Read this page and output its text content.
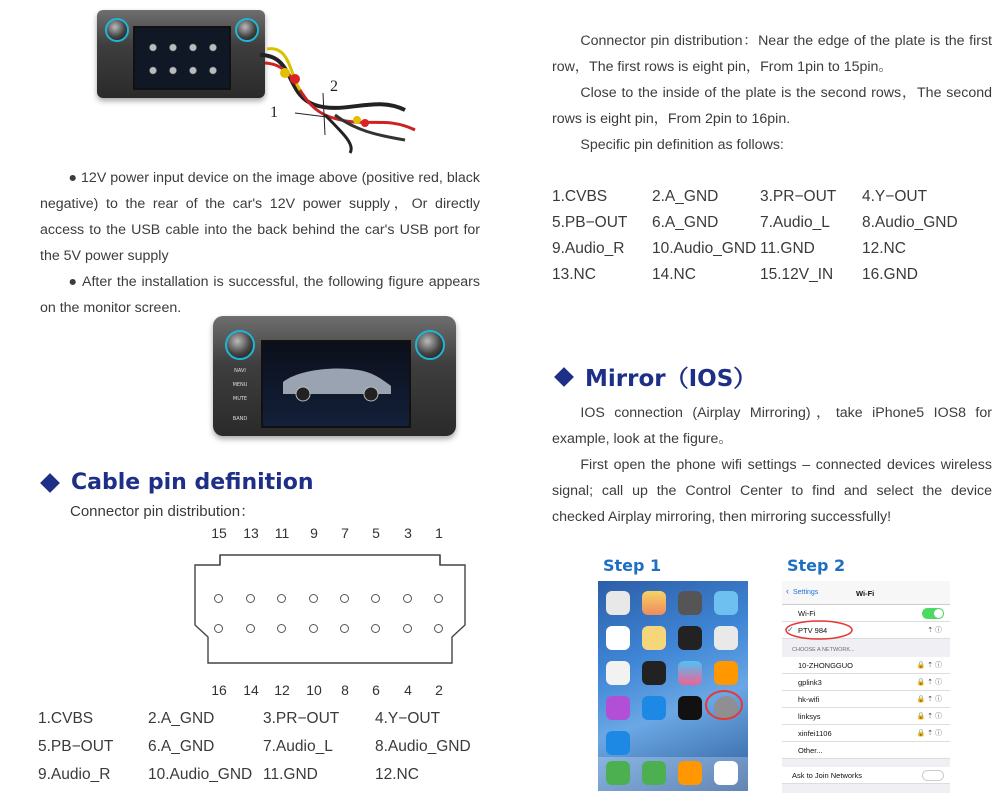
1
2

● 12V power input device on the image above (positive red, black negative) to the rear of the car's 12V power supply，Or directly access to the USB cable into the back behind the car's USB port for the 5V power supply

● After the installation is successful, the following figure appears on the monitor screen.

NAVI
MENU
MUTE
BAND
Cable pin definition
Connector pin distribution：
15 13 11	9	7	5	3	1
16 14 12 10	8	6	4	2
1.CVBS	2.A_GND	3.PR−OUT 4.Y−OUT
5.PB−OUT 6.A_GND	7.Audio_L	8.Audio_GND
9.Audio_R 10.Audio_GND 11.GND	12.NC

Connector pin distribution：Near the edge of the plate is the first row，The first rows is eight pin，From 1pin to 15pin。

Close to the inside of the plate is the second rows，The second rows is eight pin，From 2pin to 16pin.

Specific pin definition as follows:

1.CVBS	2.A_GND	3.PR−OUT 4.Y−OUT
5.PB−OUT 6.A_GND	7.Audio_L 8.Audio_GND
9.Audio_R 10.Audio_GND 11.GND	12.NC
13.NC	14.NC	15.12V_IN 16.GND
Mirror（IOS）

IOS connection (Airplay Mirroring)，take iPhone5 IOS8 for example, look at the figure。

First open the phone wifi settings – connected devices wireless signal; call up the Control Center to find and select the device checked Airplay mirroring, then mirroring successfully!

Step 1	Step 2
‹ Settings	Wi-Fi
Wi-Fi
✓ PTV 984	⇡ ⓘ
CHOOSE A NETWORK...
10-ZHONGGUO	🔒 ⇡ ⓘ
gplink3	🔒 ⇡ ⓘ
hk-wifi	🔒 ⇡ ⓘ
linksys	🔒 ⇡ ⓘ
xinfei1106	🔒 ⇡ ⓘ
Other...
Ask to Join Networks
